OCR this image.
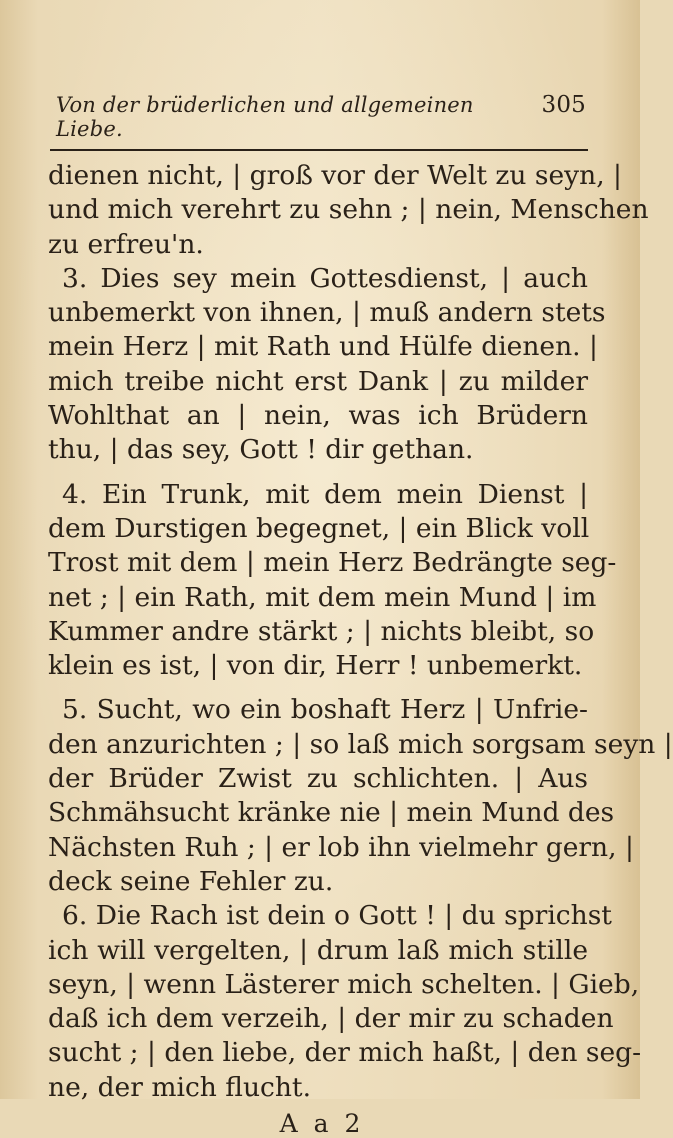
Von der brüderlichen und allgemeinen Liebe.
305
dienen nicht, | groß vor der Welt zu seyn, |
und mich verehrt zu sehn ; | nein, Menschen
zu erfreu'n.
3. Dies sey mein Gottesdienst, | auch
unbemerkt von ihnen, | muß andern stets
mein Herz | mit Rath und Hülfe dienen. |
mich treibe nicht erst Dank | zu milder
Wohlthat an | nein, was ich Brüdern
thu, | das sey, Gott ! dir gethan.
4. Ein Trunk, mit dem mein Dienst |
dem Durstigen begegnet, | ein Blick voll
Trost mit dem | mein Herz Bedrängte seg-
net ; | ein Rath, mit dem mein Mund | im
Kummer andre stärkt ; | nichts bleibt, so
klein es ist, | von dir, Herr ! unbemerkt.
5. Sucht, wo ein boshaft Herz | Unfrie-
den anzurichten ; | so laß mich sorgsam seyn |
der Brüder Zwist zu schlichten. | Aus
Schmähsucht kränke nie | mein Mund des
Nächsten Ruh ; | er lob ihn vielmehr gern, |
deck seine Fehler zu.
6. Die Rach ist dein o Gott ! | du sprichst
ich will vergelten, | drum laß mich stille
seyn, | wenn Lästerer mich schelten. | Gieb,
daß ich dem verzeih, | der mir zu schaden
sucht ; | den liebe, der mich haßt, | den seg-
ne, der mich flucht.
A a 2
